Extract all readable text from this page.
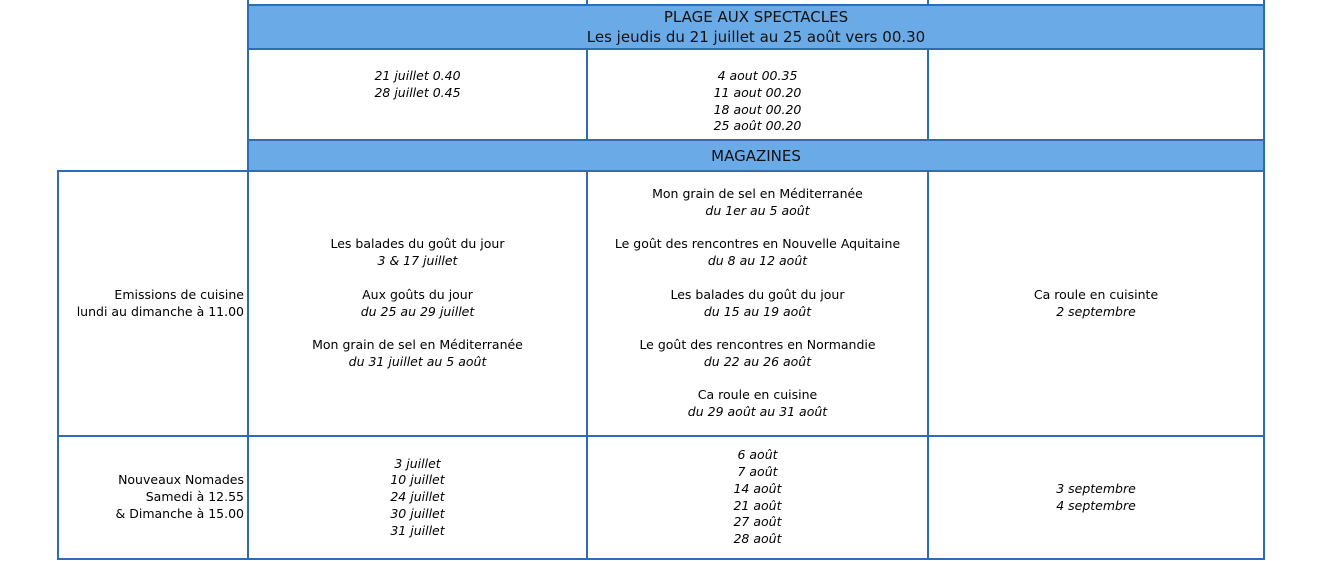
PLAGE AUX SPECTACLES
Les jeudis du 21 juillet au 25 août vers 00.30
21 juillet 0.40
28 juillet 0.45
4 aout 00.35
11 aout 00.20
18 aout 00.20
25 août 00.20
MAGAZINES
Emissions de cuisine
lundi au dimanche à 11.00
Les balades du goût du jour
3 & 17 juillet
Aux goûts du jour
du 25 au 29 juillet
Mon grain de sel en Méditerranée
du 31 juillet au 5 août
Mon grain de sel en Méditerranée
du 1er au 5 août
Le goût des rencontres en Nouvelle Aquitaine
du 8 au 12 août
Les balades du goût du jour
du 15 au 19 août
Le goût des rencontres en Normandie
du 22 au 26 août
Ca roule en cuisine
du 29 août au 31 août
Ca roule en cuisinte
2 septembre
Nouveaux Nomades
Samedi à 12.55
& Dimanche à 15.00
3 juillet
10 juillet
24 juillet
30 juillet
31 juillet
6 août
7 août
14 août
21 août
27 août
28 août
3 septembre
4 septembre
